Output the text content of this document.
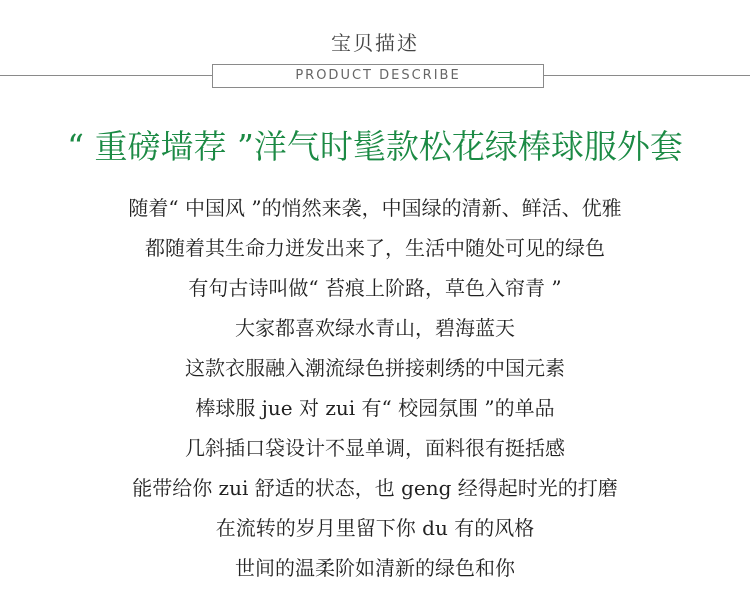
宝贝描述
PRODUCT DESCRIBE
“ 重磅墙荐 ”洋气时髦款松花绿棒球服外套
随着“ 中国风 ”的悄然来袭，中国绿的清新、鲜活、优雅
都随着其生命力迸发出来了，生活中随处可见的绿色
有句古诗叫做“ 苔痕上阶路，草色入帘青 ”
大家都喜欢绿水青山，碧海蓝天
这款衣服融入潮流绿色拼接刺绣的中国元素
棒球服 jue 对 zui 有“ 校园氛围 ”的单品
几斜插口袋设计不显单调，面料很有挺括感
能带给你 zui 舒适的状态，也 geng 经得起时光的打磨
在流转的岁月里留下你 du 有的风格
世间的温柔阶如清新的绿色和你
